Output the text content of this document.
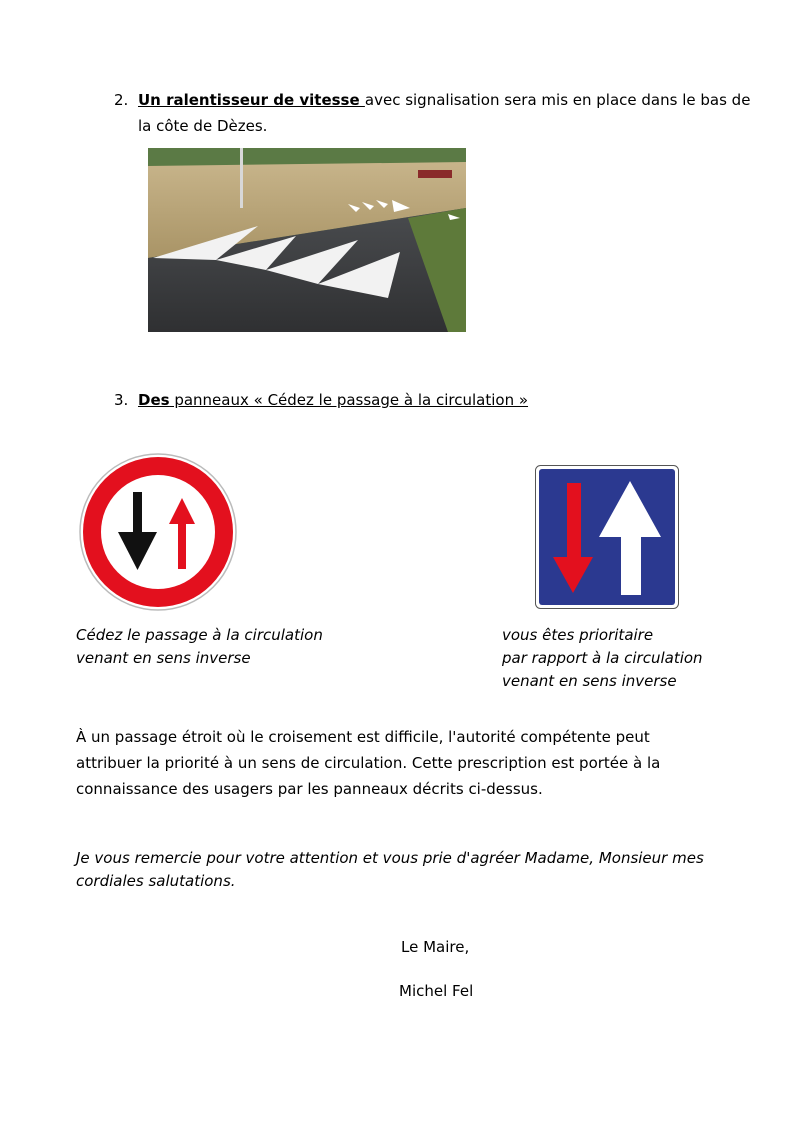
2. Un ralentisseur de vitesse avec signalisation sera mis en place dans le bas de
la côte de Dèzes.
3. Des panneaux « Cédez le passage à la circulation »
Cédez le passage à la circulation
venant en sens inverse
vous êtes prioritaire
par rapport à la circulation
venant en sens inverse
À un passage étroit où le croisement est difficile, l'autorité compétente peut
attribuer la priorité à un sens de circulation. Cette prescription est portée à la
connaissance des usagers par les panneaux décrits ci-dessus.
Je vous remercie pour votre attention et vous prie d'agréer Madame, Monsieur mes
cordiales salutations.
Le Maire,
Michel Fel
